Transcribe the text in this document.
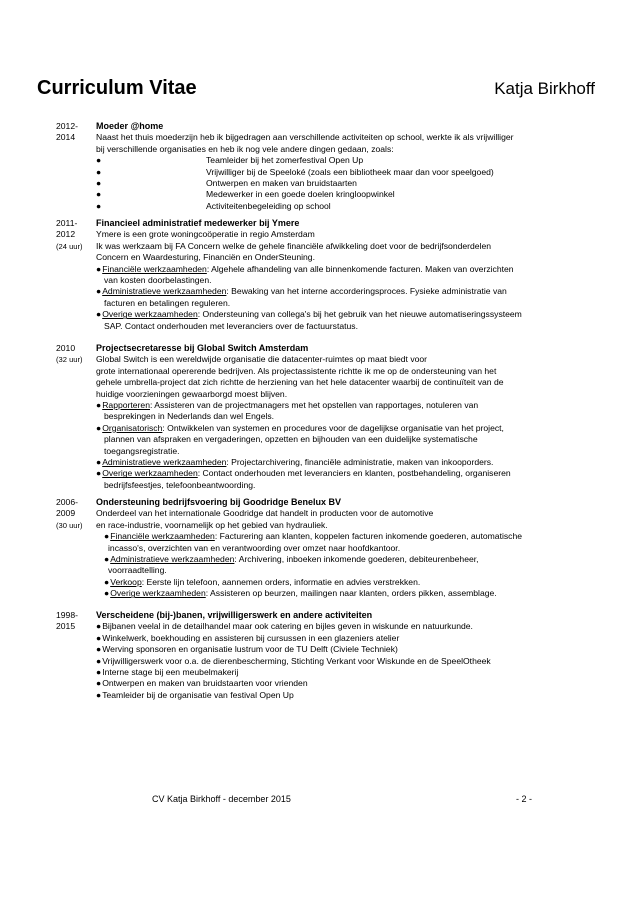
Curriculum Vitae	Katja Birkhoff
2012-
2014
Moeder @home
Naast het thuis moederzijn heb ik bijgedragen aan verschillende activiteiten op school, werkte ik als vrijwilliger
bij verschillende organisaties en heb ik nog vele andere dingen gedaan, zoals:
●	Teamleider bij het zomerfestival Open Up
●	Vrijwilliger bij de Speeloké (zoals een bibliotheek maar dan voor speelgoed)
●	Ontwerpen en maken van bruidstaarten
●	Medewerker in een goede doelen kringloopwinkel
●	Activiteitenbegeleiding op school
2011-
2012
(24 uur)
Financieel administratief medewerker bij Ymere
Ymere is een grote woningcoöperatie in regio Amsterdam
Ik was werkzaam bij FA Concern welke de gehele financiële afwikkeling doet voor de bedrijfsonderdelen
Concern en Waardesturing, Financiën en OnderSteuning.
●Financiële werkzaamheden: Algehele afhandeling van alle binnenkomende facturen. Maken van overzichten
van kosten doorbelastingen.
●Administratieve werkzaamheden: Bewaking van het interne accorderingsproces. Fysieke administratie van
facturen en betalingen reguleren.
●Overige werkzaamheden: Ondersteuning van collega's bij het gebruik van het nieuwe automatiseringssysteem
SAP. Contact onderhouden met leveranciers over de factuurstatus.
2010
(32 uur)
Projectsecretaresse bij Global Switch Amsterdam
Global Switch is een wereldwijde organisatie die datacenter-ruimtes op maat biedt voor
grote internationaal opererende bedrijven. Als projectassistente richtte ik me op de ondersteuning van het
gehele umbrella-project dat zich richtte de herziening van het hele datacenter waarbij de continuïteit van de
huidige voorzieningen gewaarborgd moest blijven.
●Rapporteren: Assisteren van de projectmanagers met het opstellen van rapportages, notuleren van
besprekingen in Nederlands dan wel Engels.
●Organisatorisch: Ontwikkelen van systemen en procedures voor de dagelijkse organisatie van het project,
plannen van afspraken en vergaderingen, opzetten en bijhouden van een duidelijke systematische
toegangsregistratie.
●Administratieve werkzaamheden: Projectarchivering, financiële administratie, maken van inkooporders.
●Overige werkzaamheden: Contact onderhouden met leveranciers en klanten, postbehandeling, organiseren
bedrijfsfeestjes, telefoonbeantwoording.
2006-
2009
(30 uur)
Ondersteuning bedrijfsvoering bij Goodridge Benelux BV
Onderdeel van het internationale Goodridge dat handelt in producten voor de automotive
en race-industrie, voornamelijk op het gebied van hydrauliek.
●Financiële werkzaamheden: Facturering aan klanten, koppelen facturen inkomende goederen, automatische
incasso's, overzichten van en verantwoording over omzet naar hoofdkantoor.
●Administratieve werkzaamheden: Archivering, inboeken inkomende goederen, debiteurenbeheer,
voorraadtelling.
●Verkoop: Eerste lijn telefoon, aannemen orders, informatie en advies verstrekken.
●Overige werkzaamheden: Assisteren op beurzen, mailingen naar klanten, orders pikken, assemblage.
1998-
2015
Verscheidene (bij-)banen, vrijwilligerswerk en andere activiteiten
●Bijbanen veelal in de detailhandel maar ook catering en bijles geven in wiskunde en natuurkunde.
●Winkelwerk, boekhouding en assisteren bij cursussen in een glazeniers atelier
●Werving sponsoren en organisatie lustrum voor de TU Delft (Civiele Techniek)
●Vrijwilligerswerk voor o.a. de dierenbescherming, Stichting Verkant voor Wiskunde en de SpeelOtheek
●Interne stage bij een meubelmakerij
●Ontwerpen en maken van bruidstaarten voor vrienden
●Teamleider bij de organisatie van festival Open Up
CV Katja Birkhoff - december 2015	- 2 -
